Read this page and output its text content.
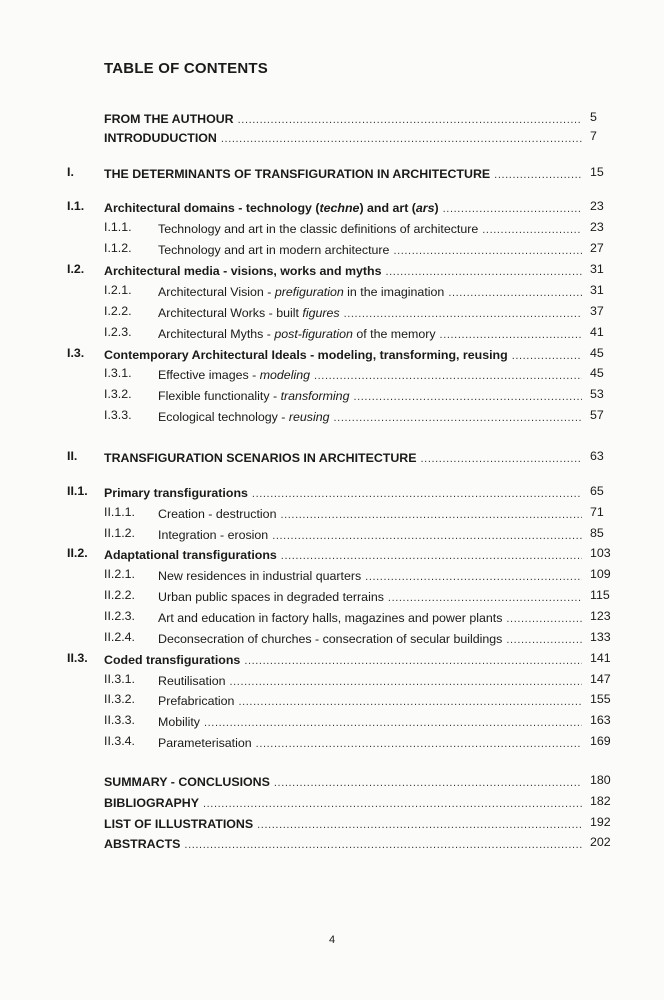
TABLE OF CONTENTS
FROM THE AUTHOUR .....	5
INTRODUDUCTION .....	7
I. THE DETERMINANTS OF TRANSFIGURATION IN ARCHITECTURE .....	15
I.1. Architectural domains - technology (techne) and art (ars) .....	23
I.1.1. Technology and art in the classic definitions of architecture .....	23
I.1.2. Technology and art in modern architecture .....	27
I.2. Architectural media - visions, works and myths .....	31
I.2.1. Architectural Vision - prefiguration in the imagination .....	31
I.2.2. Architectural Works - built figures .....	37
I.2.3. Architectural Myths - post-figuration of the memory .....	41
I.3. Contemporary Architectural Ideals - modeling, transforming, reusing .....	45
I.3.1. Effective images - modeling .....	45
I.3.2. Flexible functionality - transforming .....	53
I.3.3. Ecological technology - reusing .....	57
II. TRANSFIGURATION SCENARIOS IN ARCHITECTURE .....	63
II.1. Primary transfigurations .....	65
II.1.1. Creation - destruction .....	71
II.1.2. Integration - erosion .....	85
II.2. Adaptational transfigurations .....	103
II.2.1. New residences in industrial quarters .....	109
II.2.2. Urban public spaces in degraded terrains .....	115
II.2.3. Art and education in factory halls, magazines and power plants .....	123
II.2.4. Deconsecration of churches - consecration of secular buildings .....	133
II.3. Coded transfigurations .....	141
II.3.1. Reutilisation .....	147
II.3.2. Prefabrication .....	155
II.3.3. Mobility .....	163
II.3.4. Parameterisation .....	169
SUMMARY - CONCLUSIONS .....	180
BIBLIOGRAPHY .....	182
LIST OF ILLUSTRATIONS .....	192
ABSTRACTS .....	202
4
